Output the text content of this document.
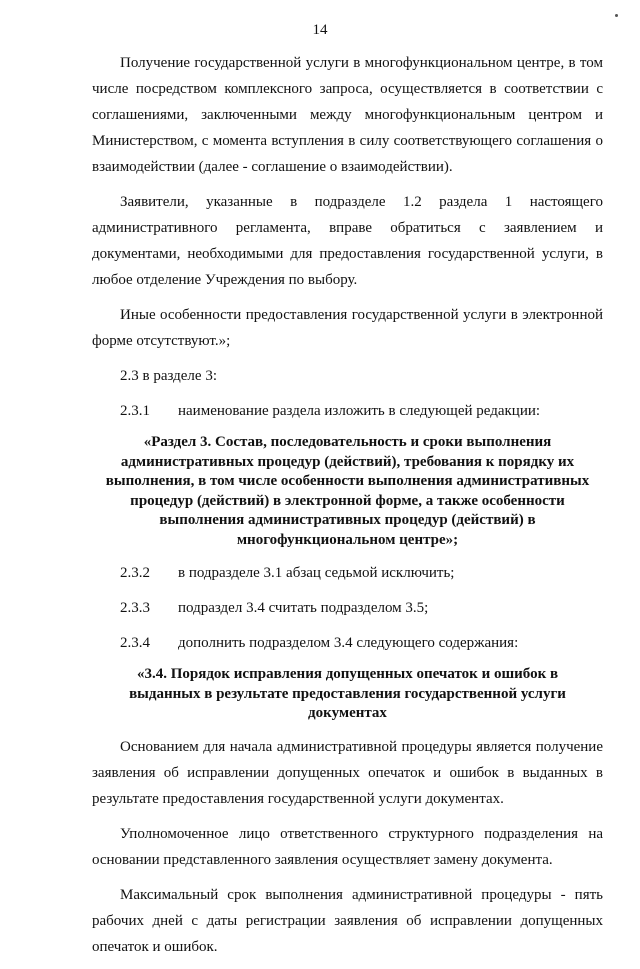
14

Получение государственной услуги в многофункциональном центре, в том числе посредством комплексного запроса, осуществляется в соответствии с соглашениями, заключенными между многофункциональным центром и Министерством, с момента вступления в силу соответствующего соглашения о взаимодействии (далее - соглашение о взаимодействии).

Заявители, указанные в подразделе 1.2 раздела 1 настоящего административного регламента, вправе обратиться с заявлением и документами, необходимыми для предоставления государственной услуги, в любое отделение Учреждения по выбору.

Иные особенности предоставления государственной услуги в электронной форме отсутствуют.»;

2.3 в разделе 3:
2.3.1	наименование раздела изложить в следующей редакции:
«Раздел 3. Состав, последовательность и сроки выполнения административных процедур (действий), требования к порядку их выполнения, в том числе особенности выполнения административных процедур (действий) в электронной форме, а также особенности выполнения административных процедур (действий) в многофункциональном центре»;
2.3.2	в подразделе 3.1 абзац седьмой исключить;
2.3.3	подраздел 3.4 считать подразделом 3.5;
2.3.4	дополнить подразделом 3.4 следующего содержания:
«3.4. Порядок исправления допущенных опечаток и ошибок в выданных в результате предоставления государственной услуги документах

Основанием для начала административной процедуры является получение заявления об исправлении допущенных опечаток и ошибок в выданных в результате предоставления государственной услуги документах.

Уполномоченное лицо ответственного структурного подразделения на основании представленного заявления осуществляет замену документа.

Максимальный срок выполнения административной процедуры - пять рабочих дней с даты регистрации заявления об исправлении допущенных опечаток и ошибок.
